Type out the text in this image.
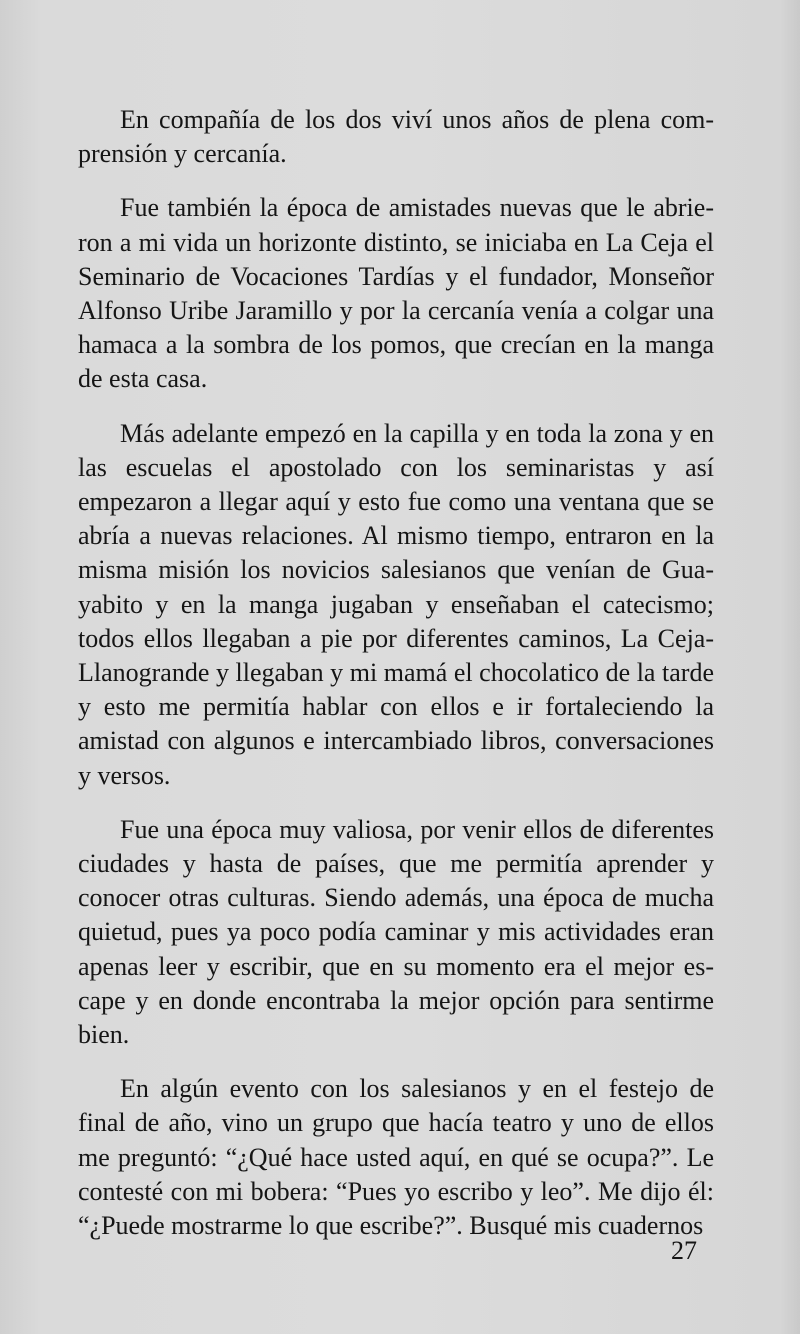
En compañía de los dos viví unos años de plena comprensión y cercanía.

Fue también la época de amistades nuevas que le abrieron a mi vida un horizonte distinto, se iniciaba en La Ceja el Seminario de Vocaciones Tardías y el fundador, Monseñor Alfonso Uribe Jaramillo y por la cercanía venía a colgar una hamaca a la sombra de los pomos, que crecían en la manga de esta casa.

Más adelante empezó en la capilla y en toda la zona y en las escuelas el apostolado con los seminaristas y así empezaron a llegar aquí y esto fue como una ventana que se abría a nuevas relaciones. Al mismo tiempo, entraron en la misma misión los novicios salesianos que venían de Guayabito y en la manga jugaban y enseñaban el catecismo; todos ellos llegaban a pie por diferentes caminos, La Ceja-Llanogrande y llegaban y mi mamá el chocolatico de la tarde y esto me permitía hablar con ellos e ir fortaleciendo la amistad con algunos e intercambiado libros, conversaciones y versos.

Fue una época muy valiosa, por venir ellos de diferentes ciudades y hasta de países, que me permitía aprender y conocer otras culturas. Siendo además, una época de mucha quietud, pues ya poco podía caminar y mis actividades eran apenas leer y escribir, que en su momento era el mejor escape y en donde encontraba la mejor opción para sentirme bien.

En algún evento con los salesianos y en el festejo de final de año, vino un grupo que hacía teatro y uno de ellos me preguntó: “¿Qué hace usted aquí, en qué se ocupa?”. Le contesté con mi bobera: “Pues yo escribo y leo”. Me dijo él: “¿Puede mostrarme lo que escribe?”. Busqué mis cuadernos

27
